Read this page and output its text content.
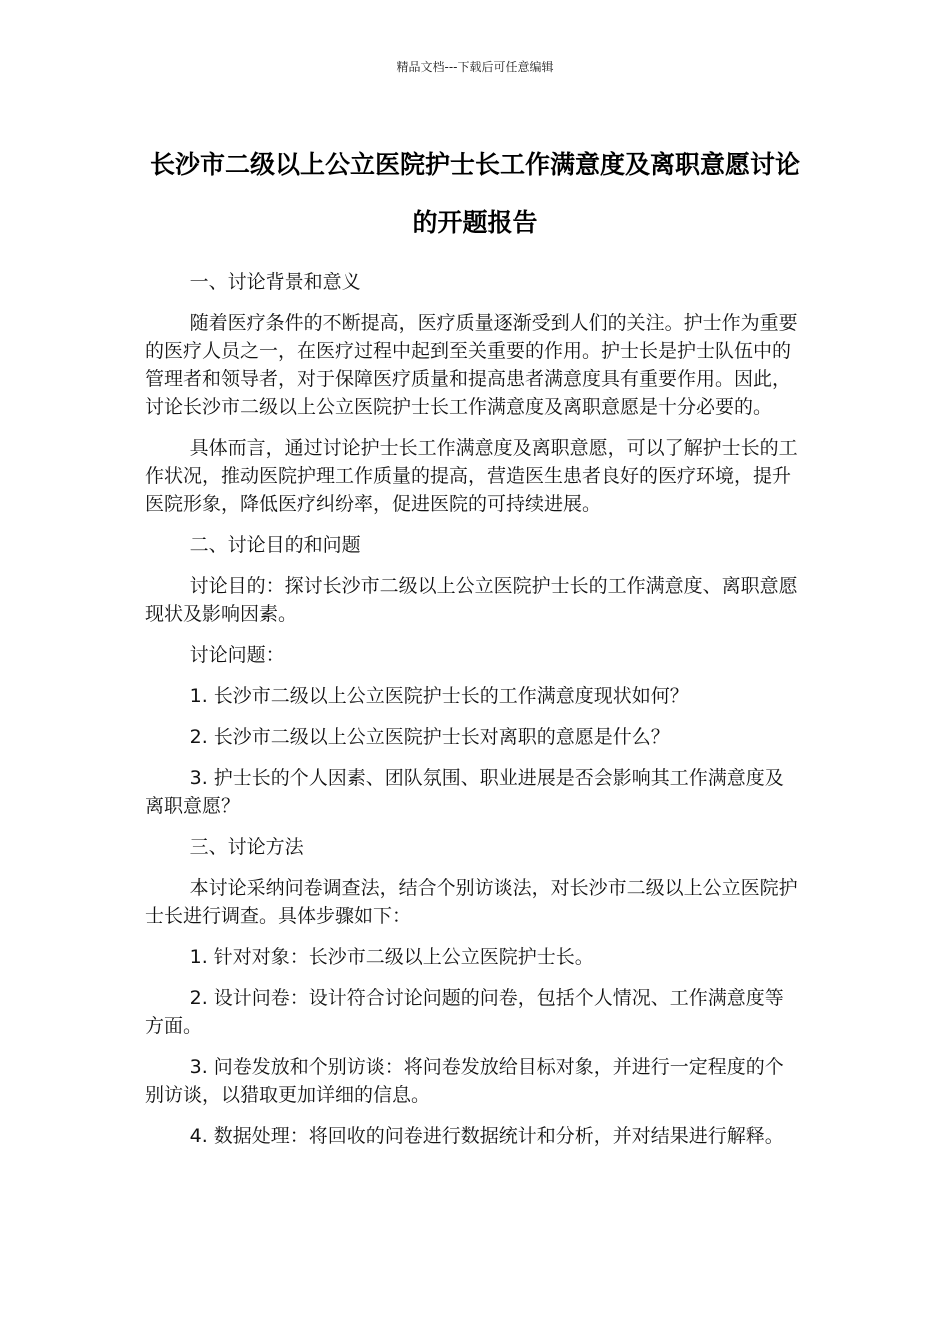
精品文档---下载后可任意编辑
长沙市二级以上公立医院护士长工作满意度及离职意愿讨论的开题报告

一、讨论背景和意义

随着医疗条件的不断提高，医疗质量逐渐受到人们的关注。护士作为重要的医疗人员之一，在医疗过程中起到至关重要的作用。护士长是护士队伍中的管理者和领导者，对于保障医疗质量和提高患者满意度具有重要作用。因此，讨论长沙市二级以上公立医院护士长工作满意度及离职意愿是十分必要的。

具体而言，通过讨论护士长工作满意度及离职意愿，可以了解护士长的工作状况，推动医院护理工作质量的提高，营造医生患者良好的医疗环境，提升医院形象，降低医疗纠纷率，促进医院的可持续进展。

二、讨论目的和问题

讨论目的：探讨长沙市二级以上公立医院护士长的工作满意度、离职意愿现状及影响因素。

讨论问题：

1. 长沙市二级以上公立医院护士长的工作满意度现状如何？

2. 长沙市二级以上公立医院护士长对离职的意愿是什么？

3. 护士长的个人因素、团队氛围、职业进展是否会影响其工作满意度及离职意愿？

三、讨论方法

本讨论采纳问卷调查法，结合个别访谈法，对长沙市二级以上公立医院护士长进行调查。具体步骤如下：

1. 针对对象：长沙市二级以上公立医院护士长。

2. 设计问卷：设计符合讨论问题的问卷，包括个人情况、工作满意度等方面。

3. 问卷发放和个别访谈：将问卷发放给目标对象，并进行一定程度的个别访谈，以猎取更加详细的信息。

4. 数据处理：将回收的问卷进行数据统计和分析，并对结果进行解释。
